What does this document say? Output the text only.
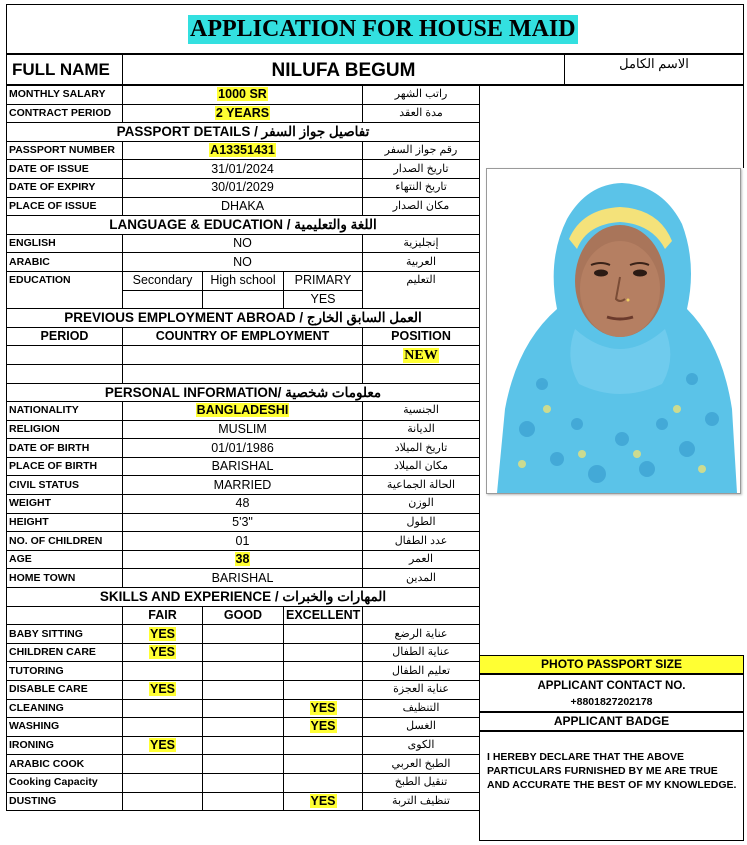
APPLICATION FOR HOUSE MAID
FULL NAME	NILUFA BEGUM	الاسم الكامل
MONTHLY SALARY	1000 SR			راتب الشهر
CONTRACT PERIOD	2 YEARS			مدة العقد
PASSPORT DETAILS / تفاصيل جواز السفر				
PASSPORT NUMBER	A13351431			رقم جواز السفر
DATE OF ISSUE	31/01/2024			تاريخ الصدار
DATE OF EXPIRY	30/01/2029			تاريخ النتهاء
PLACE OF ISSUE	DHAKA			مكان الصدار
LANGUAGE & EDUCATION / اللغة والتعليمية				
ENGLISH	NO			إنجليزية
ARABIC	NO			العربية
EDUCATION	Secondary	High school	PRIMARY	التعليم
			YES	
PREVIOUS EMPLOYMENT ABROAD / العمل السابق الخارج				
PERIOD	COUNTRY OF EMPLOYMENT			POSITION
				NEW

PERSONAL INFORMATION/ معلومات شخصية				
NATIONALITY	BANGLADESHI			الجنسية
RELIGION	MUSLIM			الديانة
DATE OF BIRTH	01/01/1986			تاريخ الميلاد
PLACE OF BIRTH	BARISHAL			مكان الميلاد
CIVIL STATUS	MARRIED			الحالة الجماعية
WEIGHT	48			الوزن
HEIGHT	5'3"			الطول
NO. OF CHILDREN	01			عدد الطفال
AGE	38			العمر
HOME TOWN	BARISHAL			المدين
SKILLS AND EXPERIENCE / المهارات والخبرات				
	FAIR	GOOD	EXCELLENT	
BABY SITTING	YES			عناية الرضع
CHILDREN CARE	YES			عناية الطفال
TUTORING				تعليم الطفال
DISABLE CARE	YES			عناية العجزة
CLEANING			YES	التنظيف
WASHING			YES	الغسل
IRONING	YES			الكوى
ARABIC COOK				الطبخ العربي
Cooking Capacity				تنقيل الطبخ
DUSTING			YES	تنظيف التربة
PHOTO PASSPORT SIZE
APPLICANT CONTACT NO.
+8801827202178
APPLICANT BADGE
I HEREBY DECLARE THAT THE ABOVE PARTICULARS FURNISHED BY ME ARE TRUE AND ACCURATE THE BEST OF MY KNOWLEDGE.
